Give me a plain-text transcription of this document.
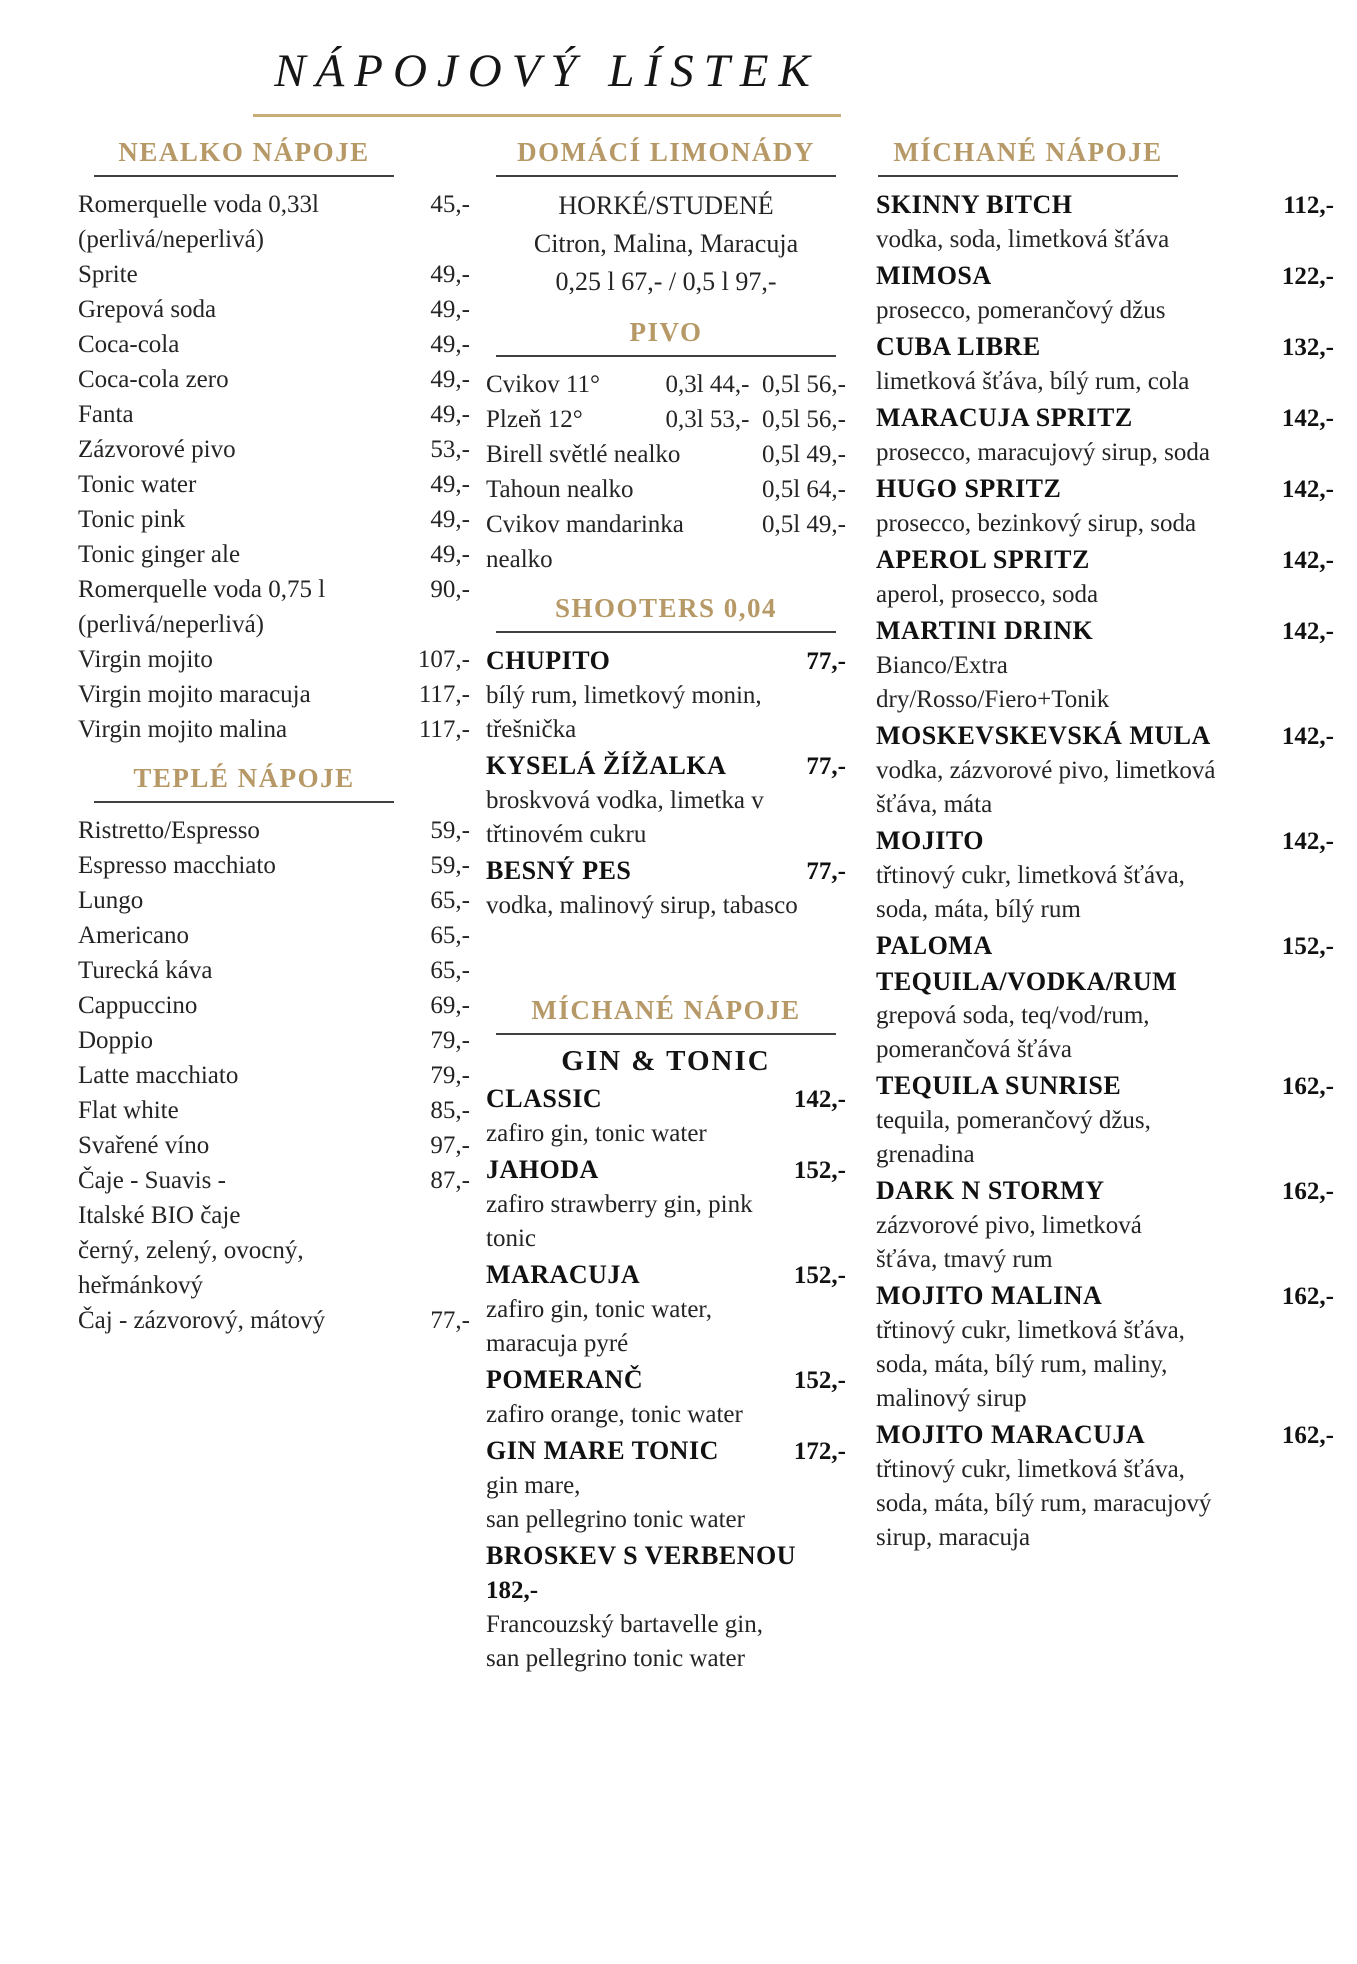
NÁPOJOVÝ LÍSTEK
NEALKO NÁPOJE
Romerquelle voda 0,33l	45,-
(perlivá/neperlivá)
Sprite	49,-
Grepová soda	49,-
Coca-cola	49,-
Coca-cola zero	49,-
Fanta	49,-
Zázvorové pivo	53,-
Tonic water	49,-
Tonic pink	49,-
Tonic ginger ale	49,-
Romerquelle voda 0,75 l	90,-
(perlivá/neperlivá)
Virgin mojito	107,-
Virgin mojito maracuja	117,-
Virgin mojito malina	117,-
TEPLÉ NÁPOJE
Ristretto/Espresso	59,-
Espresso macchiato	59,-
Lungo	65,-
Americano	65,-
Turecká káva	65,-
Cappuccino	69,-
Doppio	79,-
Latte macchiato	79,-
Flat white	85,-
Svařené víno	97,-
Čaje - Suavis -	87,-
Italské BIO čaje
černý, zelený, ovocný,
heřmánkový
Čaj - zázvorový, mátový	77,-
DOMÁCÍ LIMONÁDY
HORKÉ/STUDENÉ
Citron, Malina, Maracuja
0,25 l 67,- / 0,5 l 97,-
PIVO
Cvikov 11°	0,3l 44,-  0,5l 56,-
Plzeň 12°	0,3l 53,-  0,5l 56,-
Birell světlé nealko	0,5l 49,-
Tahoun nealko	0,5l 64,-
Cvikov mandarinka	0,5l 49,-
nealko
SHOOTERS 0,04
CHUPITO	77,-
bílý rum, limetkový monin,
třešnička
KYSELÁ ŽÍŽALKA	77,-
broskvová vodka, limetka v
třtinovém cukru
BESNÝ PES	77,-
vodka, malinový sirup, tabasco
MÍCHANÉ NÁPOJE
GIN & TONIC
CLASSIC	142,-
zafiro gin, tonic water
JAHODA	152,-
zafiro strawberry gin, pink
tonic
MARACUJA	152,-
zafiro gin, tonic water,
maracuja pyré
POMERANČ	152,-
zafiro orange, tonic water
GIN MARE TONIC	172,-
gin mare,
san pellegrino tonic water
BROSKEV S VERBENOU
182,-
Francouzský bartavelle gin,
san pellegrino tonic water
MÍCHANÉ NÁPOJE
SKINNY BITCH	112,-
vodka, soda, limetková šťáva
MIMOSA	122,-
prosecco, pomerančový džus
CUBA LIBRE	132,-
limetková šťáva, bílý rum, cola
MARACUJA SPRITZ	142,-
prosecco, maracujový sirup, soda
HUGO SPRITZ	142,-
prosecco, bezinkový sirup, soda
APEROL SPRITZ	142,-
aperol, prosecco, soda
MARTINI DRINK	142,-
Bianco/Extra
dry/Rosso/Fiero+Tonik
MOSKEVSKEVSKÁ MULA	142,-
vodka, zázvorové pivo, limetková
šťáva, máta
MOJITO	142,-
třtinový cukr, limetková šťáva,
soda, máta, bílý rum
PALOMA	152,-
TEQUILA/VODKA/RUM
grepová soda, teq/vod/rum,
pomerančová šťáva
TEQUILA SUNRISE	162,-
tequila, pomerančový džus,
grenadina
DARK N STORMY	162,-
zázvorové pivo, limetková
šťáva, tmavý rum
MOJITO MALINA	162,-
třtinový cukr, limetková šťáva,
soda, máta, bílý rum, maliny,
malinový sirup
MOJITO MARACUJA	162,-
třtinový cukr, limetková šťáva,
soda, máta, bílý rum, maracujový
sirup, maracuja
